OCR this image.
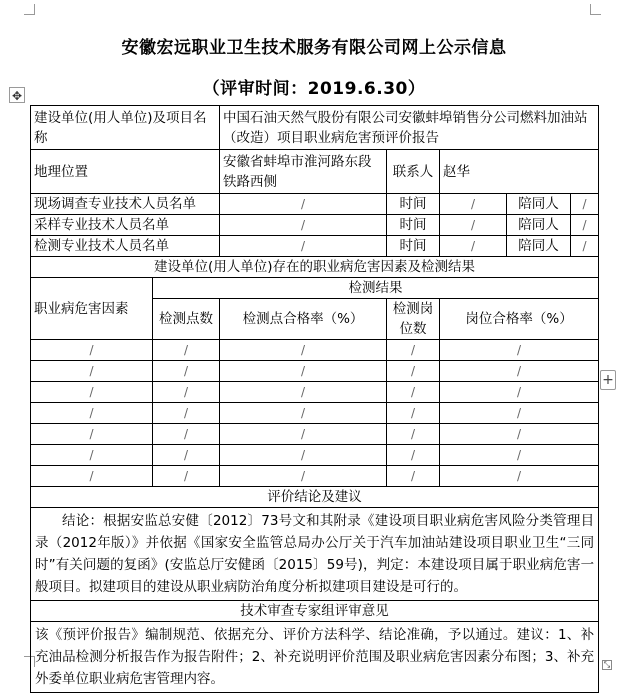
安徽宏远职业卫生技术服务有限公司网上公示信息
（评审时间：2019.6.30）
✥
+
⤡
建设单位(用人单位)及项目名称		中国石油天然气股份有限公司安徽蚌埠销售分公司燃料加油站（改造）项目职业病危害预评价报告				
地理位置		安徽省蚌埠市淮河路东段铁路西侧	联系人	赵华		
现场调查专业技术人员名单		/	时间	/	陪同人	/
采样专业技术人员名单		/	时间	/	陪同人	/
检测专业技术人员名单		/	时间	/	陪同人	/
建设单位(用人单位)存在的职业病危害因素及检测结果						
职业病危害因素	检测结果					
	检测点数	检测点合格率（%）	检测岗位数	岗位合格率（%）		
/	/	/	/	/		
/	/	/	/	/		
/	/	/	/	/		
/	/	/	/	/		
/	/	/	/	/		
/	/	/	/	/		
/	/	/	/	/		
评价结论及建议						
结论：根据安监总安健〔2012〕73号文和其附录《建设项目职业病危害风险分类管理目录（2012年版）》并依据《国家安全监管总局办公厅关于汽车加油站建设项目职业卫生“三同时”有关问题的复函》(安监总厅安健函〔2015〕59号)，判定：本建设项目属于职业病危害一般项目。拟建项目的建设从职业病防治角度分析拟建项目建设是可行的。						
技术审查专家组评审意见						
该《预评价报告》编制规范、依据充分、评价方法科学、结论准确，予以通过。建议：1、补充油品检测分析报告作为报告附件；2、补充说明评价范围及职业病危害因素分布图；3、补充外委单位职业病危害管理内容。						
